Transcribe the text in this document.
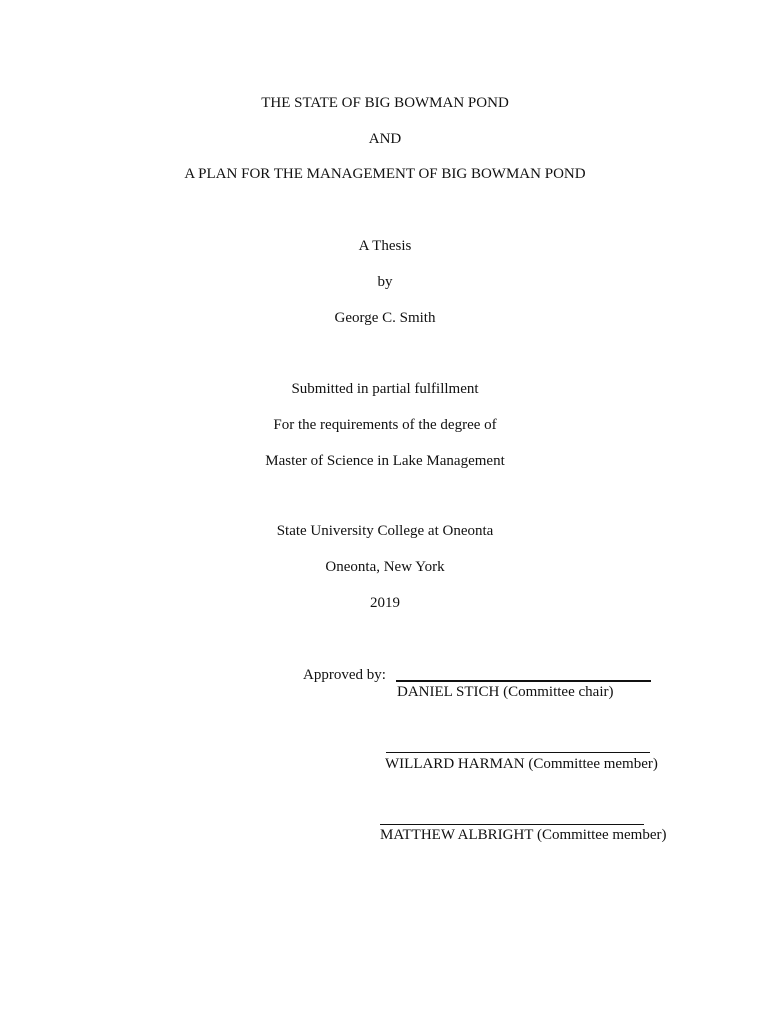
THE STATE OF BIG BOWMAN POND
AND
A PLAN FOR THE MANAGEMENT OF BIG BOWMAN POND
A Thesis
by
George C. Smith
Submitted in partial fulfillment
For the requirements of the degree of
Master of Science in Lake Management
State University College at Oneonta
Oneonta, New York
2019
Approved by:
DANIEL STICH (Committee chair)
WILLARD HARMAN (Committee member)
MATTHEW ALBRIGHT (Committee member)
